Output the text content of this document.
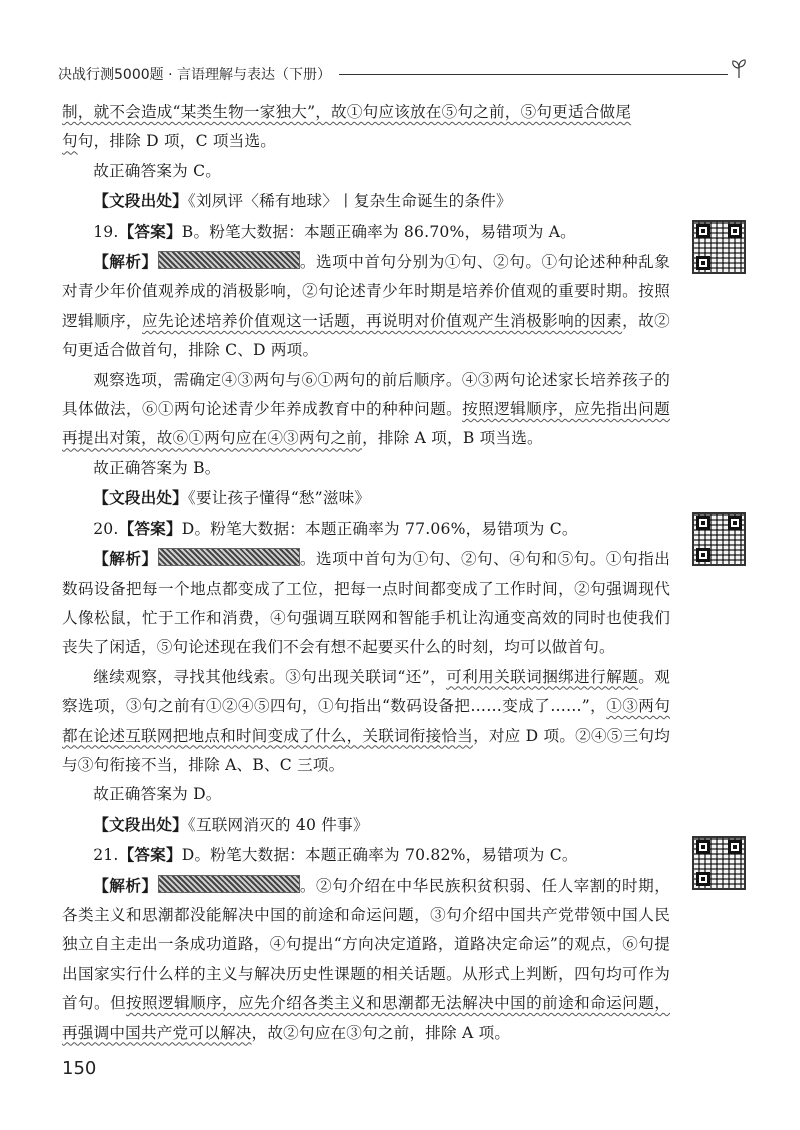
决战行测5000题 · 言语理解与表达（下册）

制，就不会造成“某类生物一家独大”，故①句应该放在⑤句之前，⑤句更适合做尾

句句，排除 D 项，C 项当选。

故正确答案为 C。

【文段出处】《刘夙评〈稀有地球〉丨复杂生命诞生的条件》

19.【答案】B。粉笔大数据：本题正确率为 86.70%，易错项为 A。

【解析】	。选项中首句分别为①句、②句。①句论述种种乱象对青少年价值观养成的消极影响，②句论述青少年时期是培养价值观的重要时期。按照逻辑顺序，应先论述培养价值观这一话题，再说明对价值观产生消极影响的因素，故②句更适合做首句，排除 C、D 两项。

观察选项，需确定④③两句与⑥①两句的前后顺序。④③两句论述家长培养孩子的具体做法，⑥①两句论述青少年养成教育中的种种问题。按照逻辑顺序，应先指出问题再提出对策，故⑥①两句应在④③两句之前，排除 A 项，B 项当选。

故正确答案为 B。

【文段出处】《要让孩子懂得“愁”滋味》

20.【答案】D。粉笔大数据：本题正确率为 77.06%，易错项为 C。

【解析】	。选项中首句为①句、②句、④句和⑤句。①句指出数码设备把每一个地点都变成了工位，把每一点时间都变成了工作时间，②句强调现代人像松鼠，忙于工作和消费，④句强调互联网和智能手机让沟通变高效的同时也使我们丧失了闲适，⑤句论述现在我们不会有想不起要买什么的时刻，均可以做首句。

继续观察，寻找其他线索。③句出现关联词“还”，可利用关联词捆绑进行解题。观察选项，③句之前有①②④⑤四句，①句指出“数码设备把……变成了……”，①③两句都在论述互联网把地点和时间变成了什么，关联词衔接恰当，对应 D 项。②④⑤三句均与③句衔接不当，排除 A、B、C 三项。

故正确答案为 D。

【文段出处】《互联网消灭的 40 件事》

21.【答案】D。粉笔大数据：本题正确率为 70.82%，易错项为 C。

【解析】	。②句介绍在中华民族积贫积弱、任人宰割的时期，各类主义和思潮都没能解决中国的前途和命运问题，③句介绍中国共产党带领中国人民独立自主走出一条成功道路，④句提出“方向决定道路，道路决定命运”的观点，⑥句提出国家实行什么样的主义与解决历史性课题的相关话题。从形式上判断，四句均可作为首句。但按照逻辑顺序，应先介绍各类主义和思潮都无法解决中国的前途和命运问题，再强调中国共产党可以解决，故②句应在③句之前，排除 A 项。

150
